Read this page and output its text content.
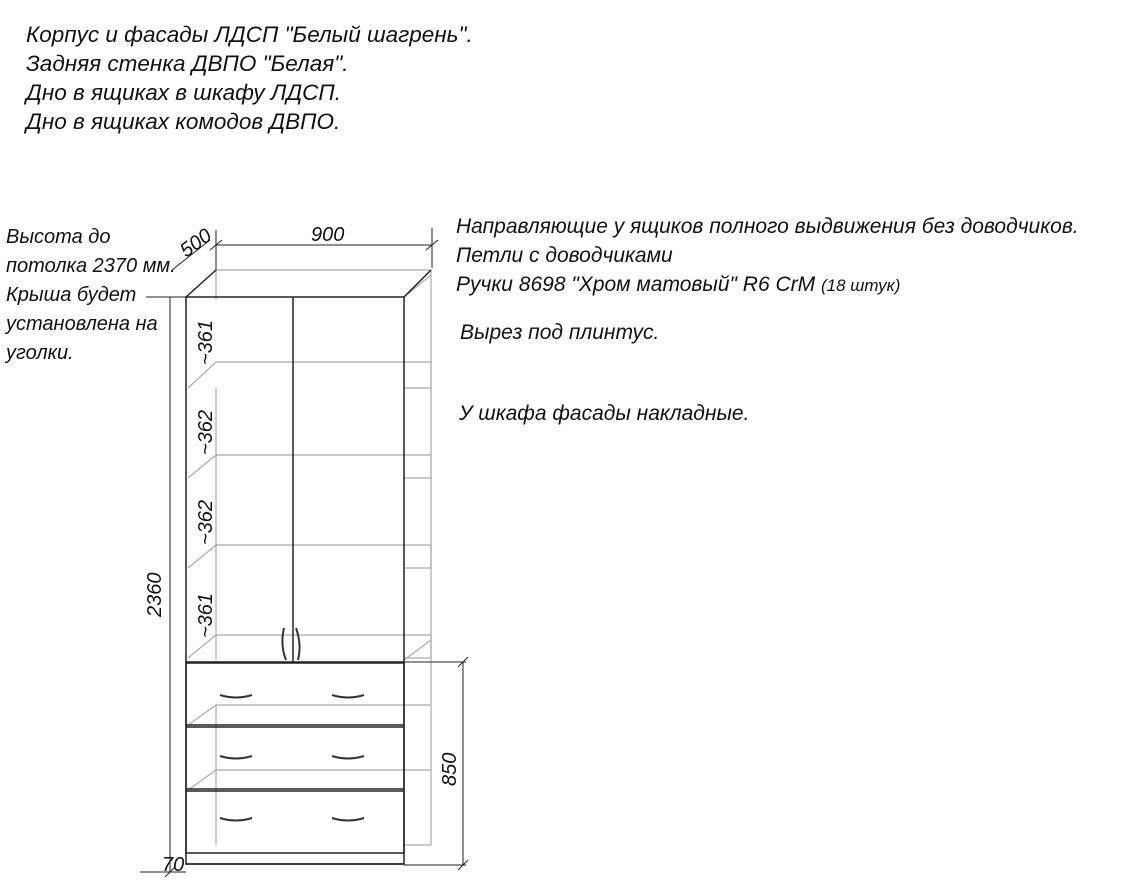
Корпус и фасады ЛДСП "Белый шагрень".
Задняя стенка ДВПО "Белая".
Дно в ящиках в шкафу ЛДСП.
Дно в ящиках комодов ДВПО.
Высота до
потолка 2370 мм.
Крыша будет
установлена на
уголки.
Направляющие у ящиков полного выдвижения без доводчиков.
Петли с доводчиками
Ручки 8698 "Хром матовый" R6 CrM (18 штук)
Вырез под плинтус.
У шкафа фасады накладные.
900
500
2360
850
70
~361
~362
~362
~361
